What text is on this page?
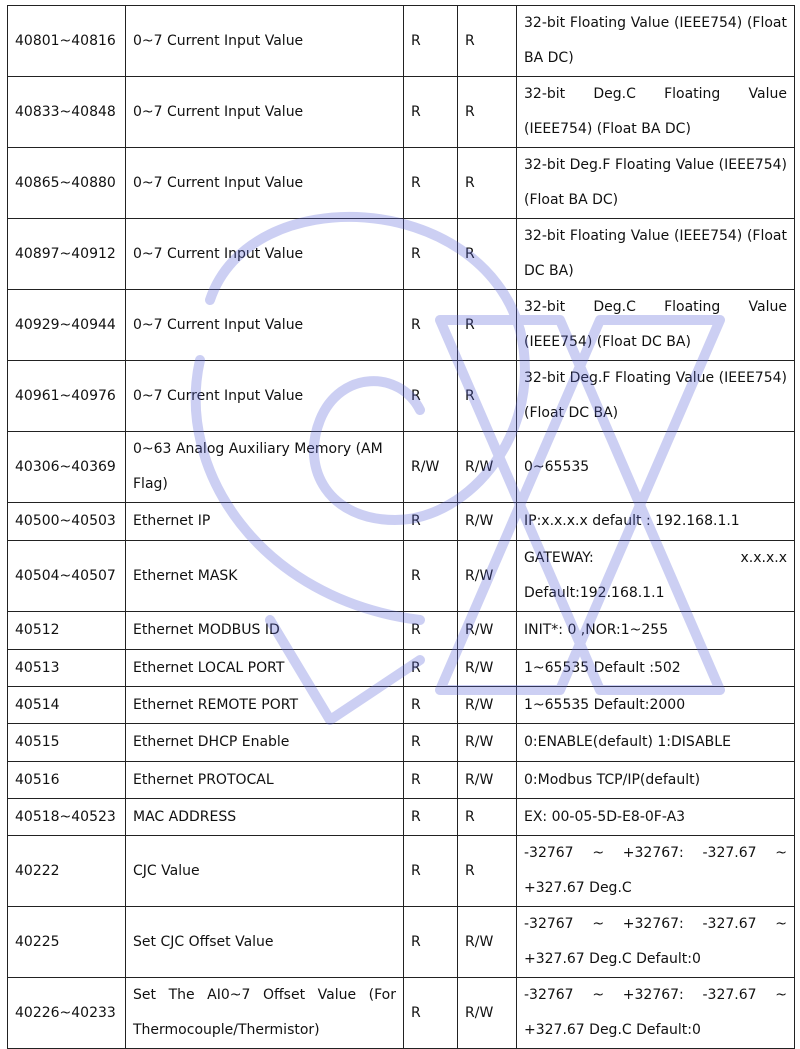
40801~40816	0~7 Current Input Value	R	R	32-bit Floating Value (IEEE754) (Float BA DC)
40833~40848	0~7 Current Input Value	R	R	32-bit Deg.C Floating Value (IEEE754) (Float BA DC)
40865~40880	0~7 Current Input Value	R	R	32-bit Deg.F Floating Value (IEEE754) (Float BA DC)
40897~40912	0~7 Current Input Value	R	R	32-bit Floating Value (IEEE754) (Float DC BA)
40929~40944	0~7 Current Input Value	R	R	32-bit Deg.C Floating Value (IEEE754) (Float DC BA)
40961~40976	0~7 Current Input Value	R	R	32-bit Deg.F Floating Value (IEEE754) (Float DC BA)
40306~40369	0~63 Analog Auxiliary Memory (AM Flag)	R/W	R/W	0~65535
40500~40503	Ethernet IP	R	R/W	IP:x.x.x.x default : 192.168.1.1
40504~40507	Ethernet MASK	R	R/W	GATEWAY: x.x.x.x Default:192.168.1.1
40512	Ethernet MODBUS ID	R	R/W	INIT*: 0 ,NOR:1~255
40513	Ethernet LOCAL PORT	R	R/W	1~65535 Default :502
40514	Ethernet REMOTE PORT	R	R/W	1~65535 Default:2000
40515	Ethernet DHCP Enable	R	R/W	0:ENABLE(default) 1:DISABLE
40516	Ethernet PROTOCAL	R	R/W	0:Modbus TCP/IP(default)
40518~40523	MAC ADDRESS	R	R	EX: 00-05-5D-E8-0F-A3
40222	CJC Value	R	R	-32767 ~ +32767: -327.67 ~ +327.67 Deg.C
40225	Set CJC Offset Value	R	R/W	-32767 ~ +32767: -327.67 ~ +327.67 Deg.C Default:0
40226~40233	Set The AI0~7 Offset Value (For Thermocouple/Thermistor)	R	R/W	-32767 ~ +32767: -327.67 ~ +327.67 Deg.C Default:0
